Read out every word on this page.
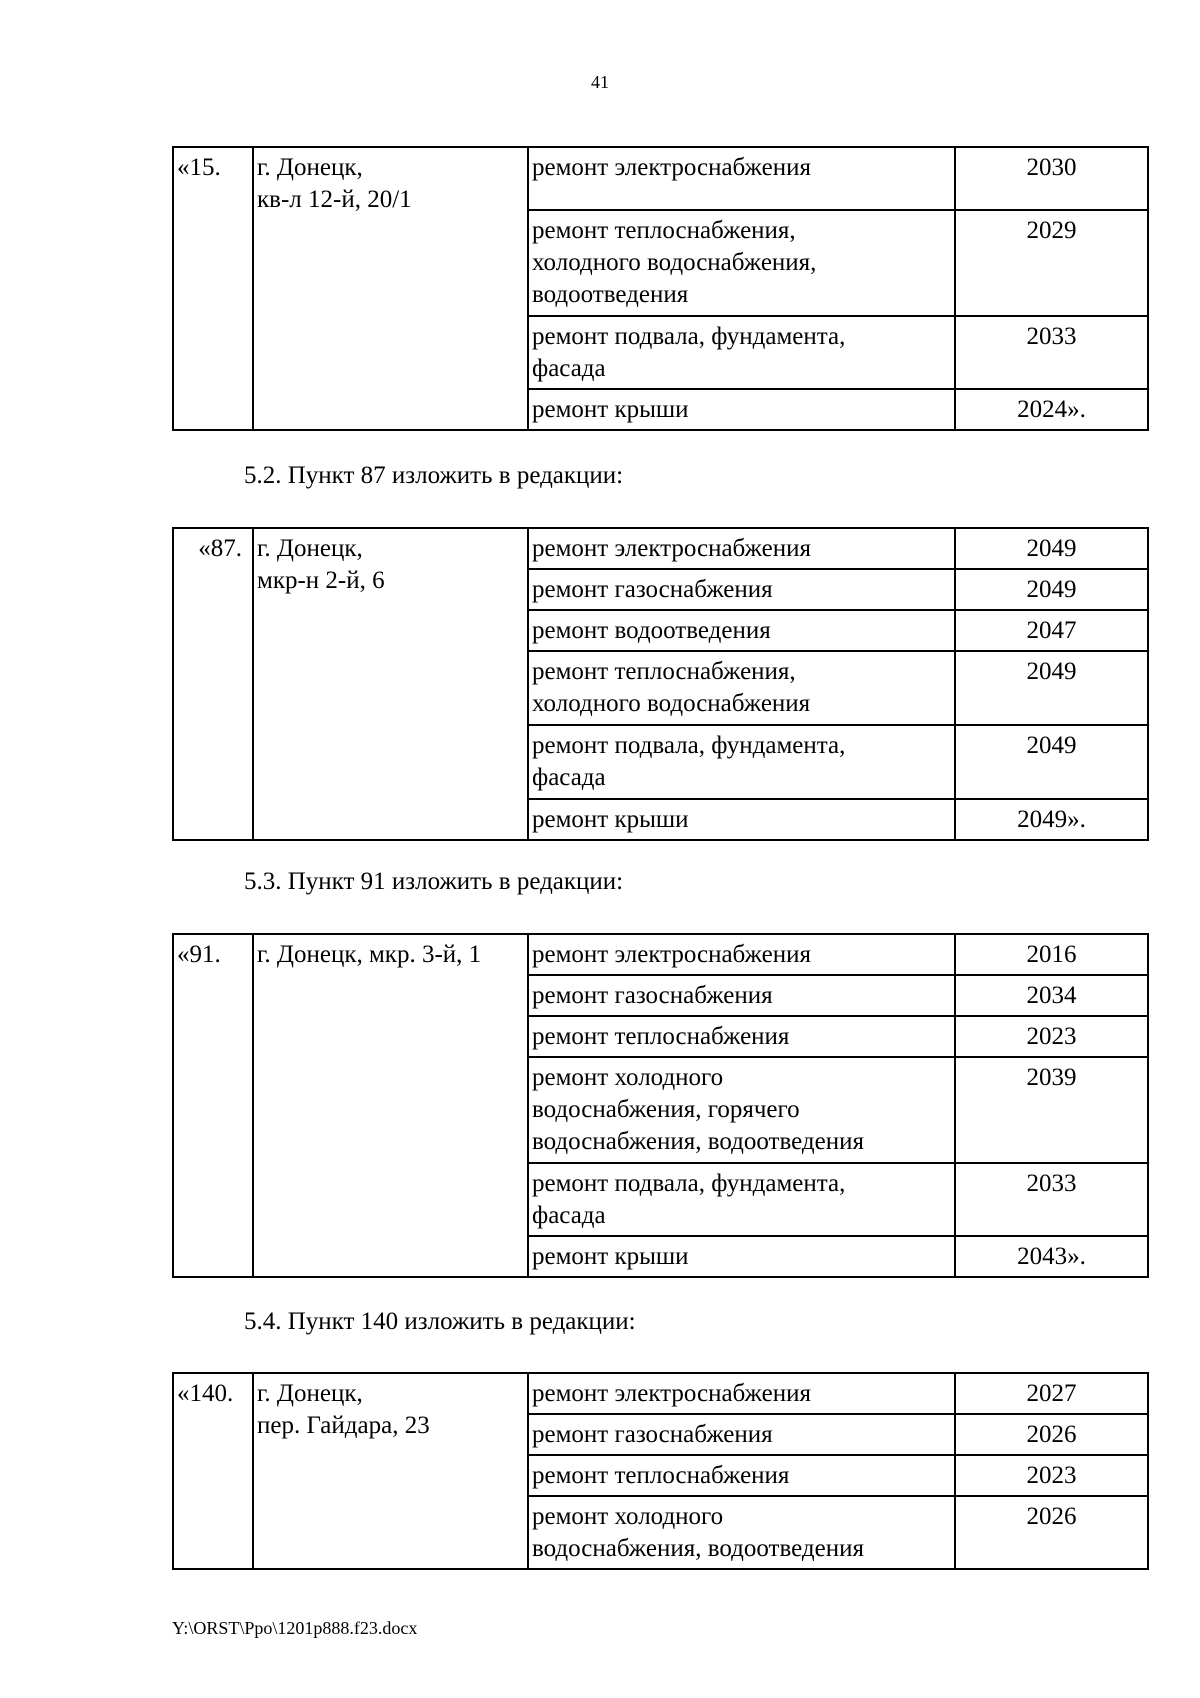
41
«15.	г. Донецк,
кв-л 12-й, 20/1	ремонт электроснабжения	2030
		ремонт теплоснабжения,
холодного водоснабжения,
водоотведения	2029
		ремонт подвала, фундамента,
фасада	2033
		ремонт крыши	2024».
5.2. Пункт 87 изложить в редакции:
«87.	г. Донецк,
мкр-н 2-й, 6	ремонт электроснабжения	2049
		ремонт газоснабжения	2049
		ремонт водоотведения	2047
		ремонт теплоснабжения,
холодного водоснабжения	2049
		ремонт подвала, фундамента,
фасада	2049
		ремонт крыши	2049».
5.3. Пункт 91 изложить в редакции:
«91.	г. Донецк, мкр. 3-й, 1	ремонт электроснабжения	2016
		ремонт газоснабжения	2034
		ремонт теплоснабжения	2023
		ремонт холодного
водоснабжения, горячего
водоснабжения, водоотведения	2039
		ремонт подвала, фундамента,
фасада	2033
		ремонт крыши	2043».
5.4. Пункт 140 изложить в редакции:
«140.	г. Донецк,
пер. Гайдара, 23	ремонт электроснабжения	2027
		ремонт газоснабжения	2026
		ремонт теплоснабжения	2023
		ремонт холодного
водоснабжения, водоотведения	2026
Y:\ORST\Ppo\1201p888.f23.docx
